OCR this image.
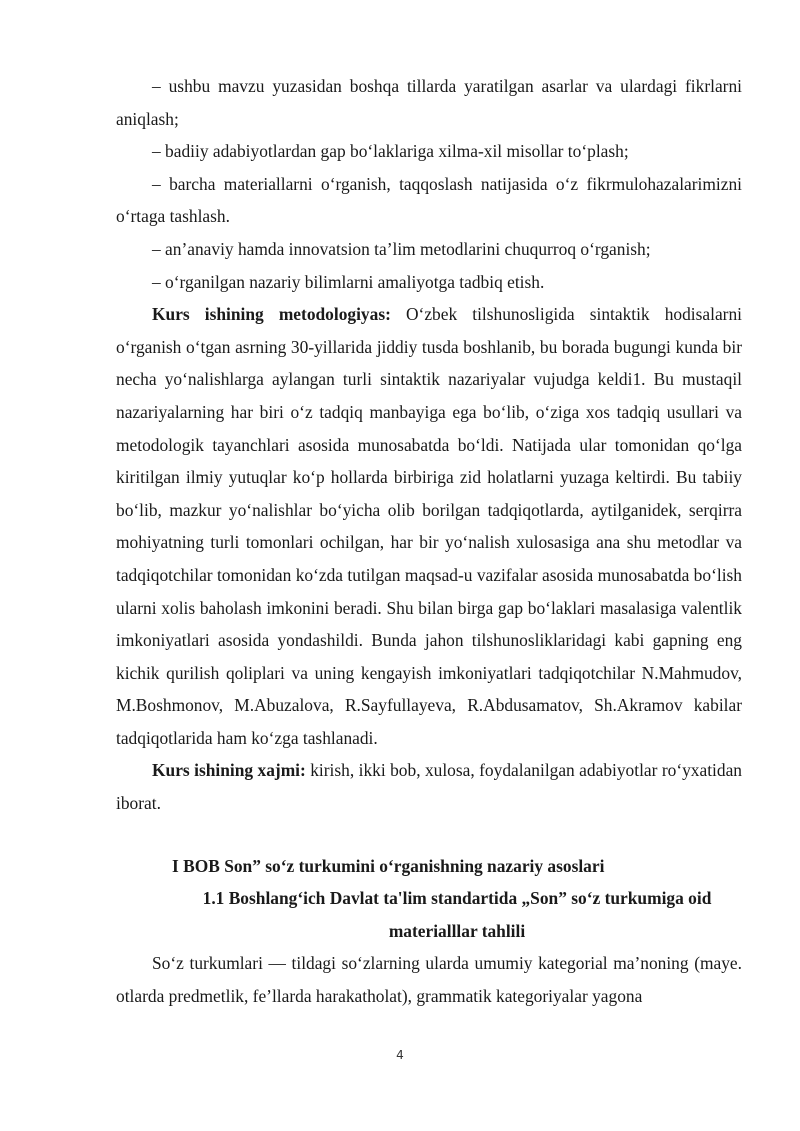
– ushbu mavzu yuzasidan boshqa tillarda yaratilgan asarlar va ulardagi fikrlarni aniqlash;

– badiiy adabiyotlardan gap bo‘laklariga xilma-xil misollar to‘plash;

– barcha materiallarni o‘rganish, taqqoslash natijasida o‘z fikrmulohazalarimizni o‘rtaga tashlash.

– an’anaviy hamda innovatsion ta’lim metodlarini chuqurroq o‘rganish;

– o‘rganilgan nazariy bilimlarni amaliyotga tadbiq etish.

Kurs ishining metodologiyas: O‘zbek tilshunosligida sintaktik hodisalarni o‘rganish o‘tgan asrning 30-yillarida jiddiy tusda boshlanib, bu borada bugungi kunda bir necha yo‘nalishlarga aylangan turli sintaktik nazariyalar vujudga keldi1. Bu mustaqil nazariyalarning har biri o‘z tadqiq manbayiga ega bo‘lib, o‘ziga xos tadqiq usullari va metodologik tayanchlari asosida munosabatda bo‘ldi. Natijada ular tomonidan qo‘lga kiritilgan ilmiy yutuqlar ko‘p hollarda birbiriga zid holatlarni yuzaga keltirdi. Bu tabiiy bo‘lib, mazkur yo‘nalishlar bo‘yicha olib borilgan tadqiqotlarda, aytilganidek, serqirra mohiyatning turli tomonlari ochilgan, har bir yo‘nalish xulosasiga ana shu metodlar va tadqiqotchilar tomonidan ko‘zda tutilgan maqsad-u vazifalar asosida munosabatda bo‘lish ularni xolis baholash imkonini beradi. Shu bilan birga gap bo‘laklari masalasiga valentlik imkoniyatlari asosida yondashildi. Bunda jahon tilshunosliklaridagi kabi gapning eng kichik qurilish qoliplari va uning kengayish imkoniyatlari tadqiqotchilar N.Mahmudov, M.Boshmonov, M.Abuzalova, R.Sayfullayeva, R.Abdusamatov, Sh.Akramov kabilar tadqiqotlarida ham ko‘zga tashlanadi.

Kurs ishining xajmi: kirish, ikki bob, xulosa, foydalanilgan adabiyotlar ro‘yxatidan iborat.

I BOB Son” so‘z turkumini o‘rganishning nazariy asoslari

1.1 Boshlang‘ich Davlat ta'lim standartida „Son” so‘z turkumiga oid materialllar tahlili

So‘z turkumlari — tildagi so‘zlarning ularda umumiy kategorial ma’noning (maye. otlarda predmetlik, fe’llarda harakatholat), grammatik kategoriyalar yagona

4
